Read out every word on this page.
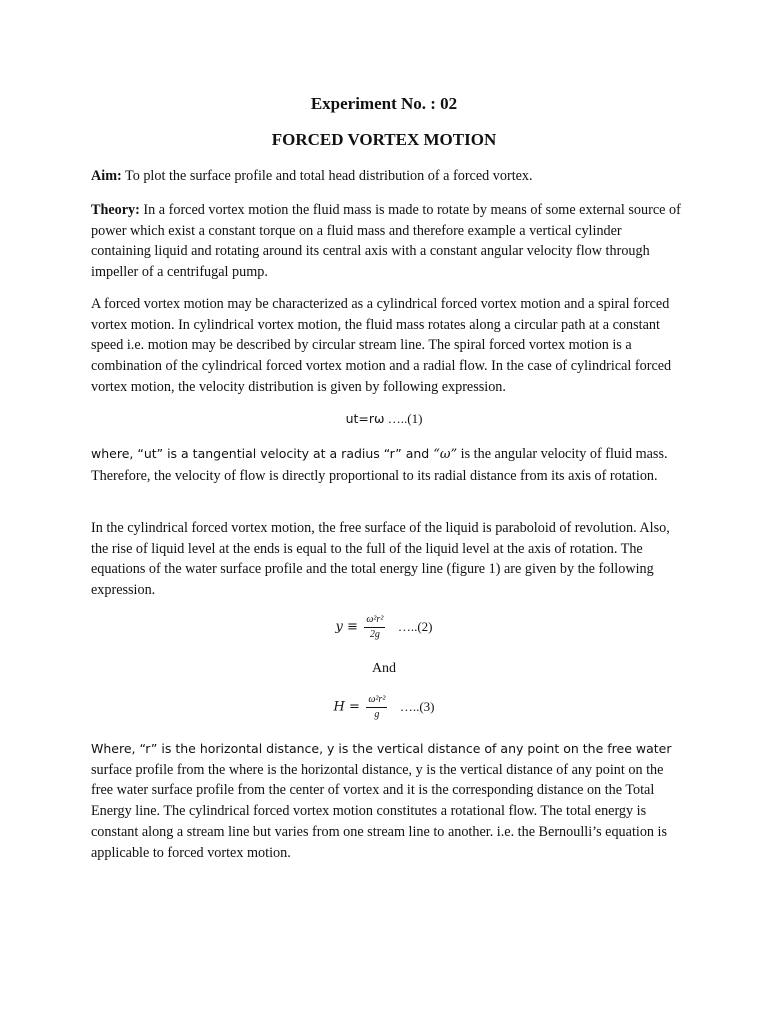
Experiment No. : 02
FORCED VORTEX MOTION
Aim: To plot the surface profile and total head distribution of a forced vortex.
Theory: In a forced vortex motion the fluid mass is made to rotate by means of some external source of power which exist a constant torque on a fluid mass and therefore example a vertical cylinder containing liquid and rotating around its central axis with a constant angular velocity flow through impeller of a centrifugal pump.
A forced vortex motion may be characterized as a cylindrical forced vortex motion and a spiral forced vortex motion. In cylindrical vortex motion, the fluid mass rotates along a circular path at a constant speed i.e. motion may be described by circular stream line. The spiral forced vortex motion is a combination of the cylindrical forced vortex motion and a radial flow. In the case of cylindrical forced vortex motion, the velocity distribution is given by following expression.
ut=rω …..(1)
where, “ut” is a tangential velocity at a radius “r” and “ω” is the angular velocity of fluid mass. Therefore, the velocity of flow is directly proportional to its radial distance from its axis of rotation.
In the cylindrical forced vortex motion, the free surface of the liquid is paraboloid of revolution. Also, the rise of liquid level at the ends is equal to the full of the liquid level at the axis of rotation. The equations of the water surface profile and the total energy line (figure 1) are given by the following expression.
$y \equiv \frac{\text{ω²r²}}{2g}$ …..(2)
And
$H = \frac{\text{ω²r²}}{g}$ …..(3)
Where, “r” is the horizontal distance, y is the vertical distance of any point on the free water surface profile from the where is the horizontal distance, y is the vertical distance of any point on the free water surface profile from the center of vortex and it is the corresponding distance on the Total Energy line. The cylindrical forced vortex motion constitutes a rotational flow. The total energy is constant along a stream line but varies from one stream line to another. i.e. the Bernoulli’s equation is applicable to forced vortex motion.
